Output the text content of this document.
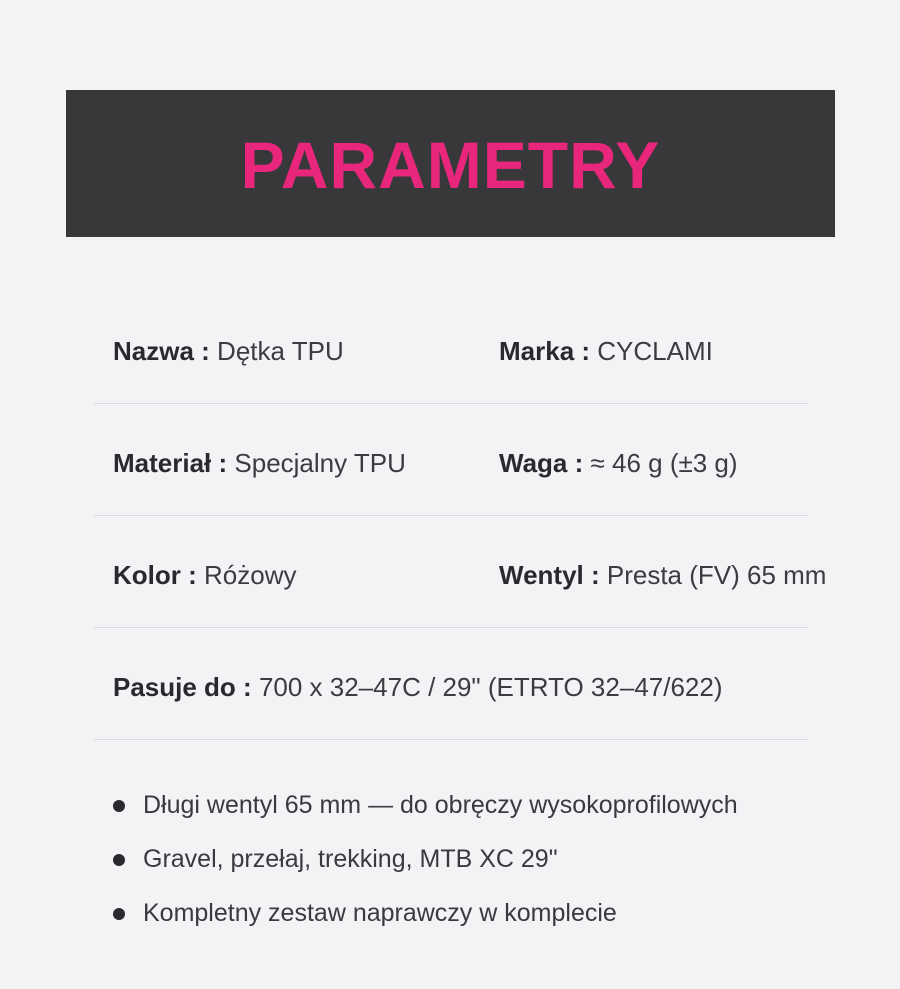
PARAMETRY
Nazwa : Dętka TPU	Marka : CYCLAMI
Materiał : Specjalny TPU	Waga : ≈ 46 g (±3 g)
Kolor : Różowy	Wentyl : Presta (FV) 65 mm
Pasuje do : 700 x 32–47C / 29" (ETRTO 32–47/622)
Długi wentyl 65 mm — do obręczy wysokoprofilowych
Gravel, przełaj, trekking, MTB XC 29"
Kompletny zestaw naprawczy w komplecie
